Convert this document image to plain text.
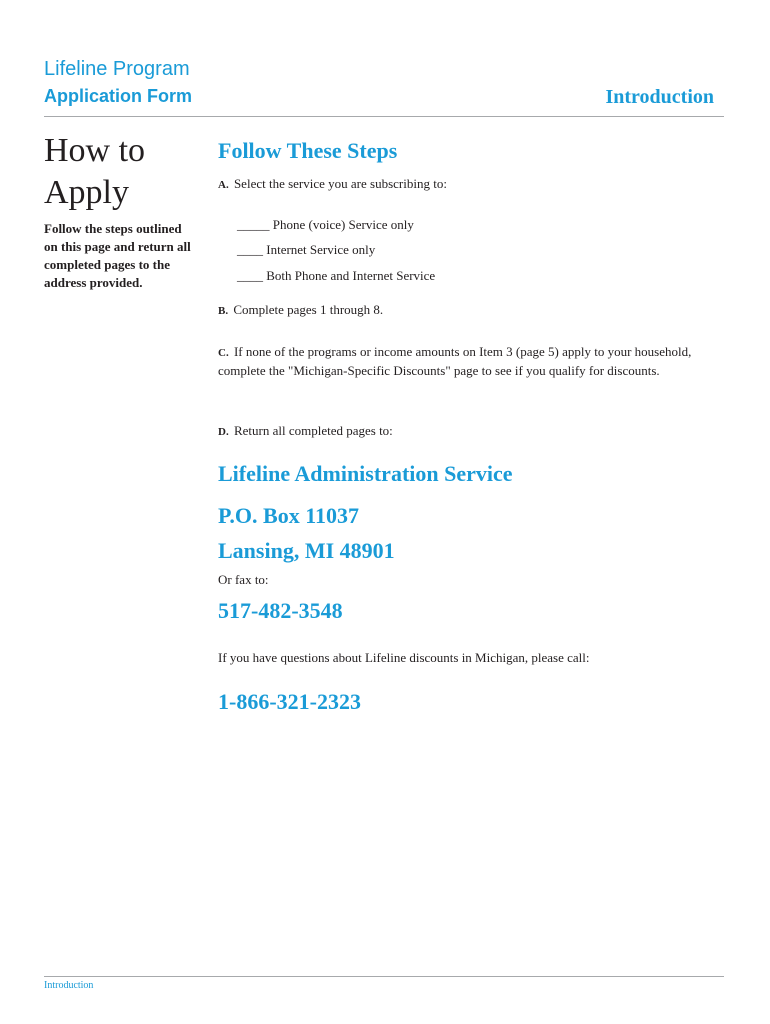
Lifeline Program
Application Form	Introduction
How to
Apply
Follow the steps outlined on this page and return all completed pages to the address provided.
Follow These Steps
A. Select the service you are subscribing to:
_____ Phone (voice) Service only
____ Internet Service only
____ Both Phone and Internet Service
B. Complete pages 1 through 8.
C. If none of the programs or income amounts on Item 3 (page 5) apply to your household, complete the "Michigan-Specific Discounts" page to see if you qualify for discounts.
D. Return all completed pages to:
Lifeline Administration Service
P.O. Box 11037
Lansing, MI 48901
Or fax to:
517-482-3548
If you have questions about Lifeline discounts in Michigan, please call:
1-866-321-2323
Introduction
